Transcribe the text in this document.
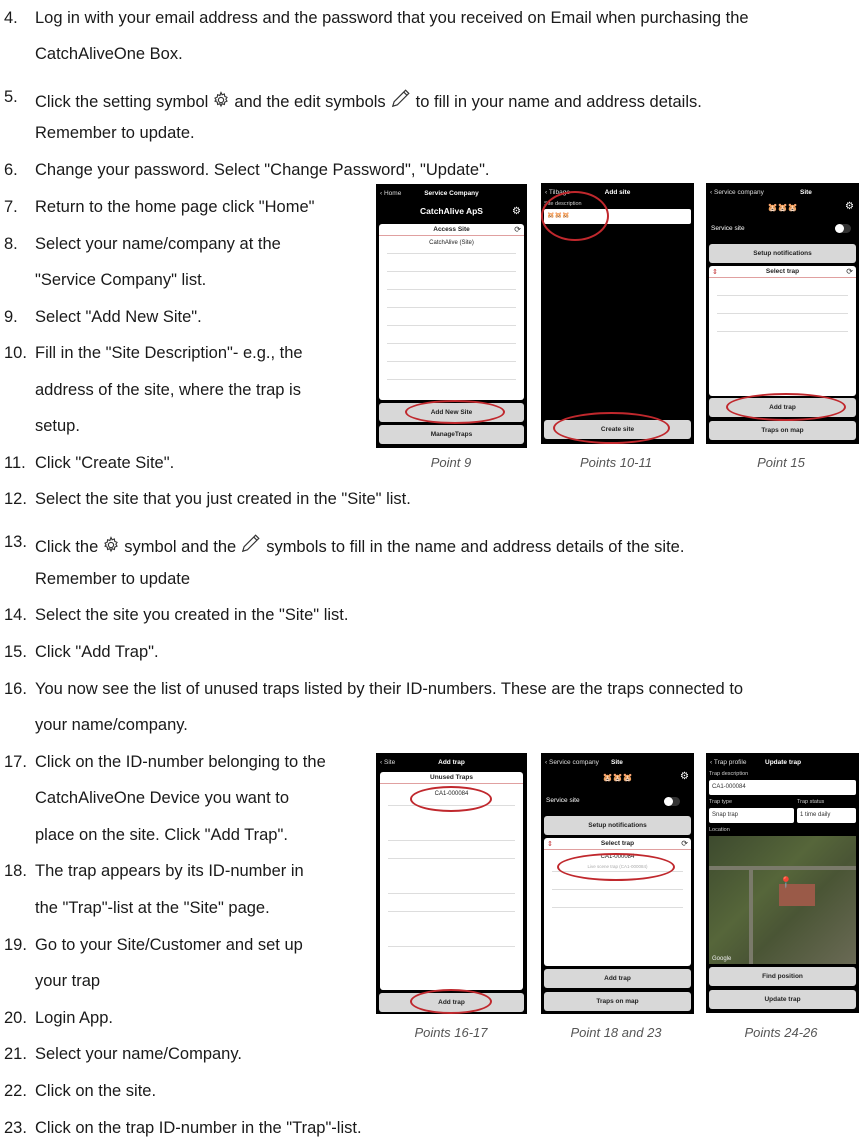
4. Log in with your email address and the password that you received on Email when purchasing the
CatchAliveOne Box.
5. Click the setting symbol and the edit symbols to fill in your name and address details.
Remember to update.
6. Change your password. Select "Change Password", "Update".
7. Return to the home page click "Home"
8. Select your name/company at the
"Service Company" list.
9. Select "Add New Site".
10. Fill in the "Site Description"- e.g., the
address of the site, where the trap is
setup.
11. Click "Create Site".
12. Select the site that you just created in the "Site" list.
13. Click the symbol and the symbols to fill in the name and address details of the site.
Remember to update
14. Select the site you created in the "Site" list.
15. Click "Add Trap".
16. You now see the list of unused traps listed by their ID-numbers. These are the traps connected to
your name/company.
17. Click on the ID-number belonging to the
CatchAliveOne Device you want to
place on the site. Click "Add Trap".
18. The trap appears by its ID-number in
the "Trap"-list at the "Site" page.
19. Go to your Site/Customer and set up
your trap
20. Login App.
21. Select your name/Company.
22. Click on the site.
23. Click on the trap ID-number in the "Trap"-list.
‹ Home	Service Company
CatchAlive ApS	⚙
Access Site	⟳
CatchAlive (Site)
Add New Site
ManageTraps
Point 9
‹ Tilbage	Add site
Site description
🐹🐹🐹
Create site
Points 10-11
‹ Service company	Site
🐹🐹🐹	⚙
Service site
Setup notifications
⇕	Select trap	⟳
Add trap
Traps on map
Point 15
‹ Site	Add trap
Unused Traps
CA1-000084
Add trap
Points 16-17
‹ Service company Site
🐹🐹🐹	⚙
Service site
Setup notifications
⇕	Select trap	⟳
CA1-000084
Live scene trap (CA1-000084)
Add trap
Traps on map
Point 18 and 23
‹ Trap profile	Update trap
Trap description
CA1-000084
Trap type	Trap status
Snap trap	1 time daily
Location
📍
Google
Find position
Update trap
Points 24-26
